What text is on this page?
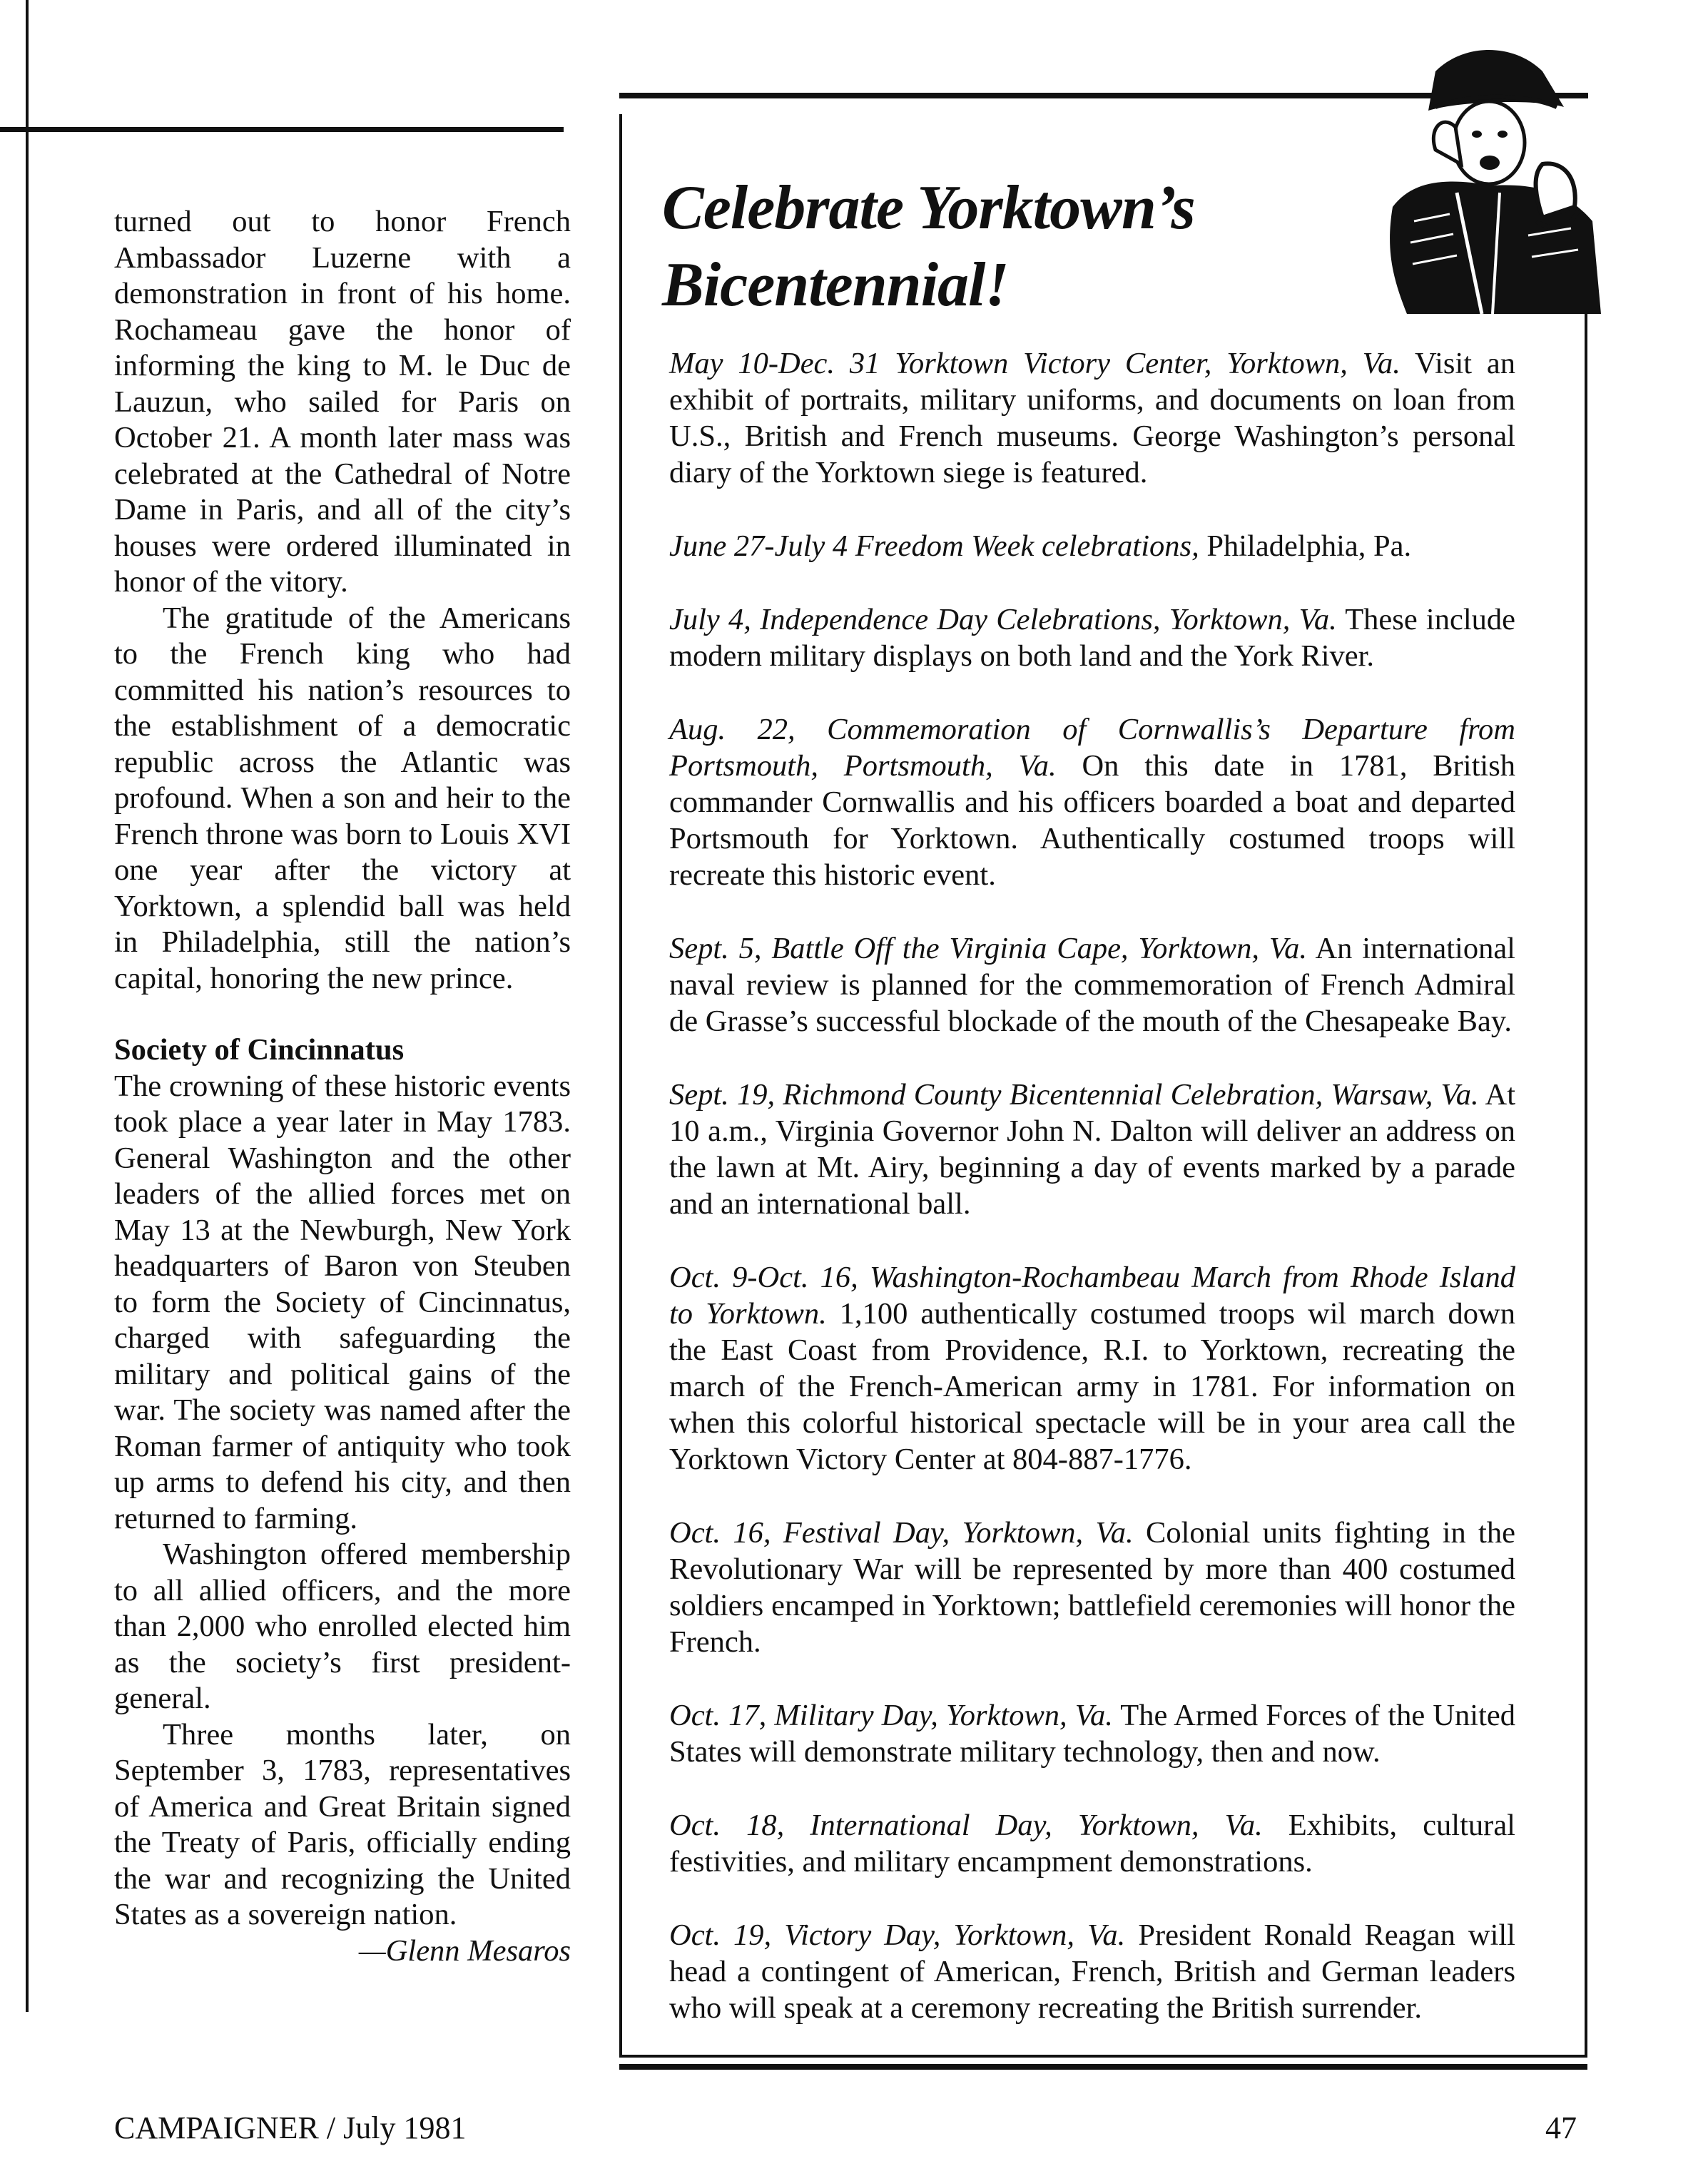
turned out to honor French Ambassador Luzerne with a demonstration in front of his home. Rochameau gave the honor of informing the king to M. le Duc de Lauzun, who sailed for Paris on October 21. A month later mass was celebrated at the Cathedral of Notre Dame in Paris, and all of the city’s houses were ordered illuminated in honor of the vitory.

The gratitude of the Americans to the French king who had committed his nation’s resources to the establishment of a democratic republic across the Atlantic was profound. When a son and heir to the French throne was born to Louis XVI one year after the victory at Yorktown, a splendid ball was held in Philadelphia, still the nation’s capital, honoring the new prince.

Society of Cincinnatus

The crowning of these historic events took place a year later in May 1783. General Washington and the other leaders of the allied forces met on May 13 at the Newburgh, New York headquarters of Baron von Steuben to form the Society of Cincinnatus, charged with safeguarding the military and political gains of the war. The society was named after the Roman farmer of antiquity who took up arms to defend his city, and then returned to farming.

Washington offered membership to all allied officers, and the more than 2,000 who enrolled elected him as the society’s first president-general.

Three months later, on September 3, 1783, representatives of America and Great Britain signed the Treaty of Paris, officially ending the war and recognizing the United States as a sovereign nation.

—Glenn Mesaros

Celebrate Yorktown’s
Bicentennial!

May 10-Dec. 31 Yorktown Victory Center, Yorktown, Va. Visit an exhibit of portraits, military uniforms, and documents on loan from U.S., British and French museums. George Washington’s personal diary of the Yorktown siege is featured.

June 27-July 4 Freedom Week celebrations, Philadelphia, Pa.

July 4, Independence Day Celebrations, Yorktown, Va. These include modern military displays on both land and the York River.

Aug. 22, Commemoration of Cornwallis’s Departure from Portsmouth, Portsmouth, Va. On this date in 1781, British commander Cornwallis and his officers boarded a boat and departed Portsmouth for Yorktown. Authentically costumed troops will recreate this historic event.

Sept. 5, Battle Off the Virginia Cape, Yorktown, Va. An international naval review is planned for the commemoration of French Admiral de Grasse’s successful blockade of the mouth of the Chesapeake Bay.

Sept. 19, Richmond County Bicentennial Celebration, Warsaw, Va. At 10 a.m., Virginia Governor John N. Dalton will deliver an address on the lawn at Mt. Airy, beginning a day of events marked by a parade and an international ball.

Oct. 9-Oct. 16, Washington-Rochambeau March from Rhode Island to Yorktown. 1,100 authentically costumed troops wil march down the East Coast from Providence, R.I. to Yorktown, recreating the march of the French-American army in 1781. For information on when this colorful historical spectacle will be in your area call the Yorktown Victory Center at 804-887-1776.

Oct. 16, Festival Day, Yorktown, Va. Colonial units fighting in the Revolutionary War will be represented by more than 400 costumed soldiers encamped in Yorktown; battlefield ceremonies will honor the French.

Oct. 17, Military Day, Yorktown, Va. The Armed Forces of the United States will demonstrate military technology, then and now.

Oct. 18, International Day, Yorktown, Va. Exhibits, cultural festivities, and military encampment demonstrations.

Oct. 19, Victory Day, Yorktown, Va. President Ronald Reagan will head a contingent of American, French, British and German leaders who will speak at a ceremony recreating the British surrender.

CAMPAIGNER / July 1981	47
